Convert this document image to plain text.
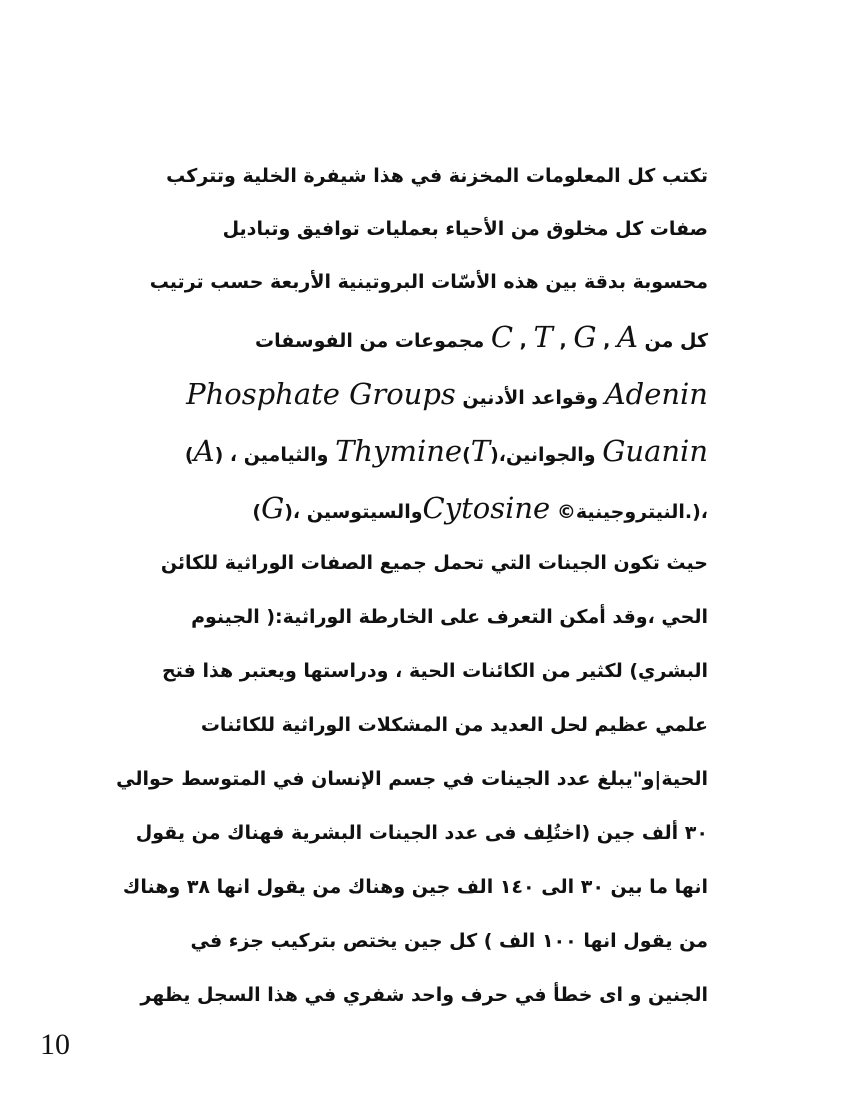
تكتب كل المعلومات المخزنة في هذا شيفرة الخلية وتتركب
صفات كل مخلوق من الأحياء بعمليات توافيق وتباديل
محسوبة بدقة بين هذه الأسّات البروتينية الأربعة حسب ترتيب
كل من C , T , G , A مجموعات من الفوسفات
Phosphate Groups وقواعد الأدنين Adenin
(A) ، والثيامين Thymine(T)،والجوانين Guanin
(G)، والسيتوسينCytosine ©النيتروجينية.)،
حيث تكون الجينات التي تحمل جميع الصفات الوراثية للكائن
الحي ،وقد أمكن التعرف على الخارطة الوراثية:( الجينوم
البشري) لكثير من الكائنات الحية ، ودراستها ويعتبر هذا فتح
علمي عظيم لحل العديد من المشكلات الوراثية للكائنات
الحية|و"يبلغ عدد الجينات في جسم الإنسان في المتوسط حوالي
٣٠ ألف جين (اختُلِف فى عدد الجينات البشرية فهناك من يقول
انها ما بين ٣٠ الى ١٤٠ الف جين وهناك من يقول انها ٣٨ وهناك
من يقول انها ١٠٠ الف ) كل جين يختص بتركيب جزء في
الجنين و اى خطأ في حرف واحد شفري في هذا السجل يظهر
10
